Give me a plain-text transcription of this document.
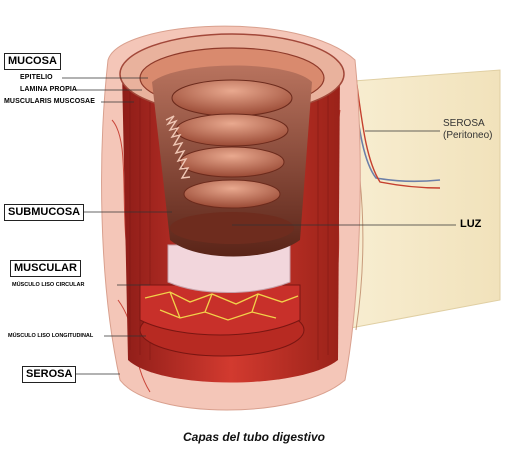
MUCOSA
EPITELIO
LAMINA PROPIA
MUSCULARIS MUSCOSAE
SUBMUCOSA
MUSCULAR
MÚSCULO LISO CIRCULAR
MÚSCULO LISO LONGITUDINAL
SEROSA
SEROSA
(Peritoneo)
LUZ
Capas del tubo digestivo
